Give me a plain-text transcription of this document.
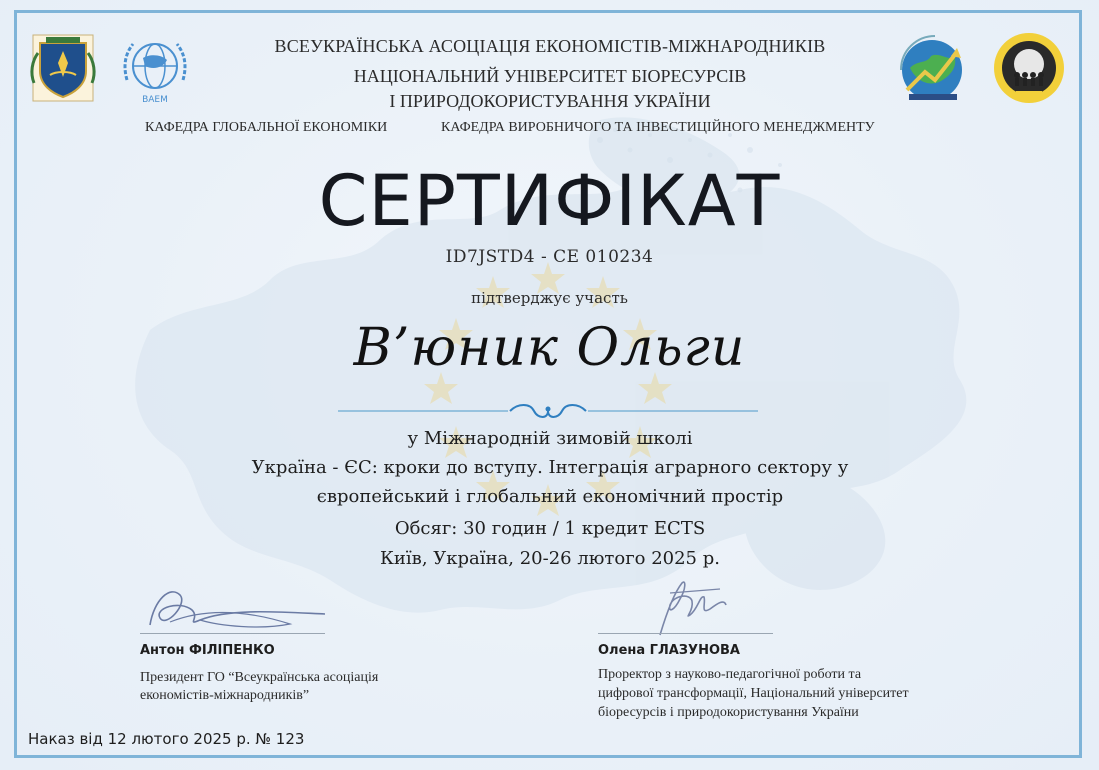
ВАЕМ
ВСЕУКРАЇНСЬКА АСОЦІАЦІЯ ЕКОНОМІСТІВ-МІЖНАРОДНИКІВ
НАЦІОНАЛЬНИЙ УНІВЕРСИТЕТ БІОРЕСУРСІВ
І ПРИРОДОКОРИСТУВАННЯ УКРАЇНИ
КАФЕДРА ГЛОБАЛЬНОЇ ЕКОНОМІКИ	КАФЕДРА ВИРОБНИЧОГО ТА ІНВЕСТИЦІЙНОГО МЕНЕДЖМЕНТУ
СЕРТИФІКАТ
ID7JSTD4 - CE 010234
підтверджує участь
В’юник Ольги
у Міжнародній зимовій школі
Україна - ЄС: кроки до вступу. Інтеграція аграрного сектору у
європейський і глобальний економічний простір
Обсяг: 30 годин / 1 кредит ECTS
Київ, Україна, 20-26 лютого 2025 р.
Антон ФІЛІПЕНКО
Президент ГО “Всеукраїнська асоціація
економістів-міжнародників”
Олена ГЛАЗУНОВА
Проректор з науково-педагогічної роботи та
цифрової трансформації, Національний університет
біоресурсів і природокористування України
Наказ від 12 лютого 2025 р. № 123
